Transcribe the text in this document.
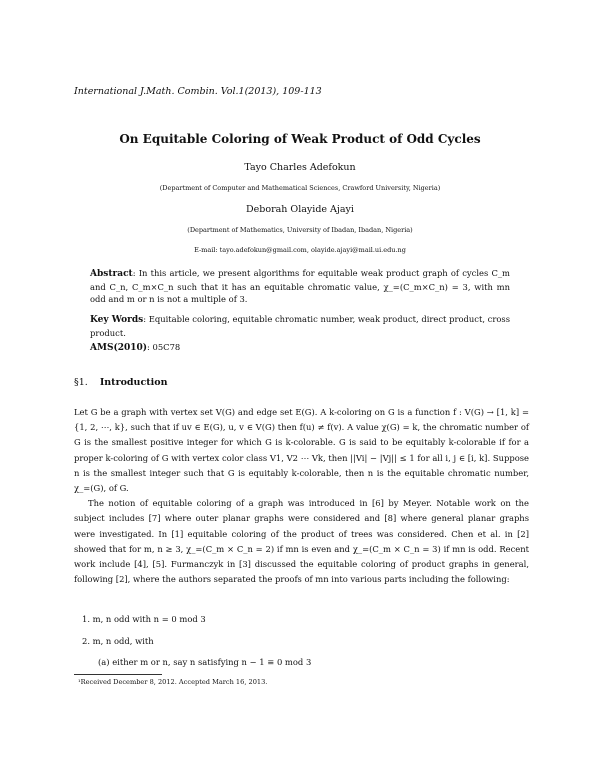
International J.Math. Combin. Vol.1(2013), 109-113
On Equitable Coloring of Weak Product of Odd Cycles
Tayo Charles Adefokun
(Department of Computer and Mathematical Sciences, Crawford University, Nigeria)
Deborah Olayide Ajayi
(Department of Mathematics, University of Ibadan, Ibadan, Nigeria)
E-mail: tayo.adefokun@gmail.com, olayide.ajayi@mail.ui.edu.ng
Abstract: In this article, we present algorithms for equitable weak product graph of cycles C_m and C_n, C_m×C_n such that it has an equitable chromatic value, χ_=(C_m×C_n) = 3, with mn odd and m or n is not a multiple of 3.
Key Words: Equitable coloring, equitable chromatic number, weak product, direct product, cross product.
AMS(2010): 05C78
§1. Introduction

Let G be a graph with vertex set V(G) and edge set E(G). A k-coloring on G is a function f : V(G) → [1, k] = {1, 2, ⋯, k}, such that if uv ∈ E(G), u, v ∈ V(G) then f(u) ≠ f(v). A value χ(G) = k, the chromatic number of G is the smallest positive integer for which G is k-colorable. G is said to be equitably k-colorable if for a proper k-coloring of G with vertex color class V1, V2 ⋯ Vk, then ||Vi| − |Vj|| ≤ 1 for all i, j ∈ [i, k]. Suppose n is the smallest integer such that G is equitably k-colorable, then n is the equitable chromatic number, χ_=(G), of G.

The notion of equitable coloring of a graph was introduced in [6] by Meyer. Notable work on the subject includes [7] where outer planar graphs were considered and [8] where general planar graphs were investigated. In [1] equitable coloring of the product of trees was considered. Chen et al. in [2] showed that for m, n ≥ 3, χ_=(C_m × C_n = 2) if mn is even and χ_=(C_m × C_n = 3) if mn is odd. Recent work include [4], [5]. Furmanczyk in [3] discussed the equitable coloring of product graphs in general, following [2], where the authors separated the proofs of mn into various parts including the following:

1. m, n odd with n = 0 mod 3
2. m, n odd, with
(a) either m or n, say n satisfying n − 1 ≡ 0 mod 3
¹Received December 8, 2012. Accepted March 16, 2013.
